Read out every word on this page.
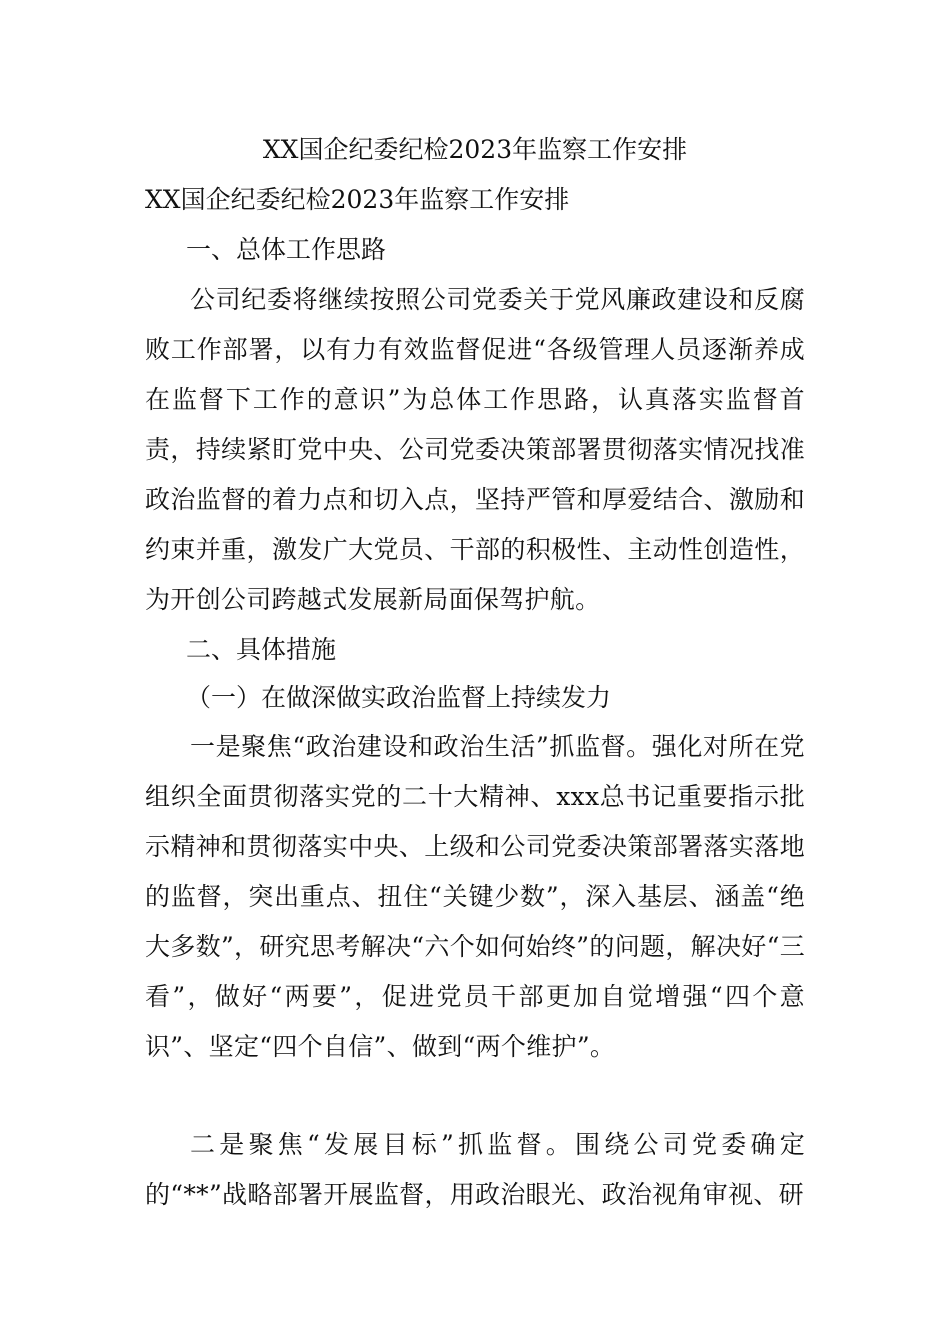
XX国企纪委纪检2023年监察工作安排
XX国企纪委纪检2023年监察工作安排
一、总体工作思路

公司纪委将继续按照公司党委关于党风廉政建设和反腐败工作部署，以有力有效监督促进“各级管理人员逐渐养成在监督下工作的意识”为总体工作思路，认真落实监督首责，持续紧盯党中央、公司党委决策部署贯彻落实情况找准政治监督的着力点和切入点，坚持严管和厚爱结合、激励和约束并重，激发广大党员、干部的积极性、主动性创造性，为开创公司跨越式发展新局面保驾护航。

二、具体措施
（一）在做深做实政治监督上持续发力

一是聚焦“政治建设和政治生活”抓监督。强化对所在党组织全面贯彻落实党的二十大精神、xxx总书记重要指示批示精神和贯彻落实中央、上级和公司党委决策部署落实落地的监督，突出重点、扭住“关键少数”，深入基层、涵盖“绝大多数”，研究思考解决“六个如何始终”的问题，解决好“三看”，做好“两要”，促进党员干部更加自觉增强“四个意识”、坚定“四个自信”、做到“两个维护”。

二是聚焦“发展目标”抓监督。围绕公司党委确定的“**”战略部署开展监督，用政治眼光、政治视角审视、研
